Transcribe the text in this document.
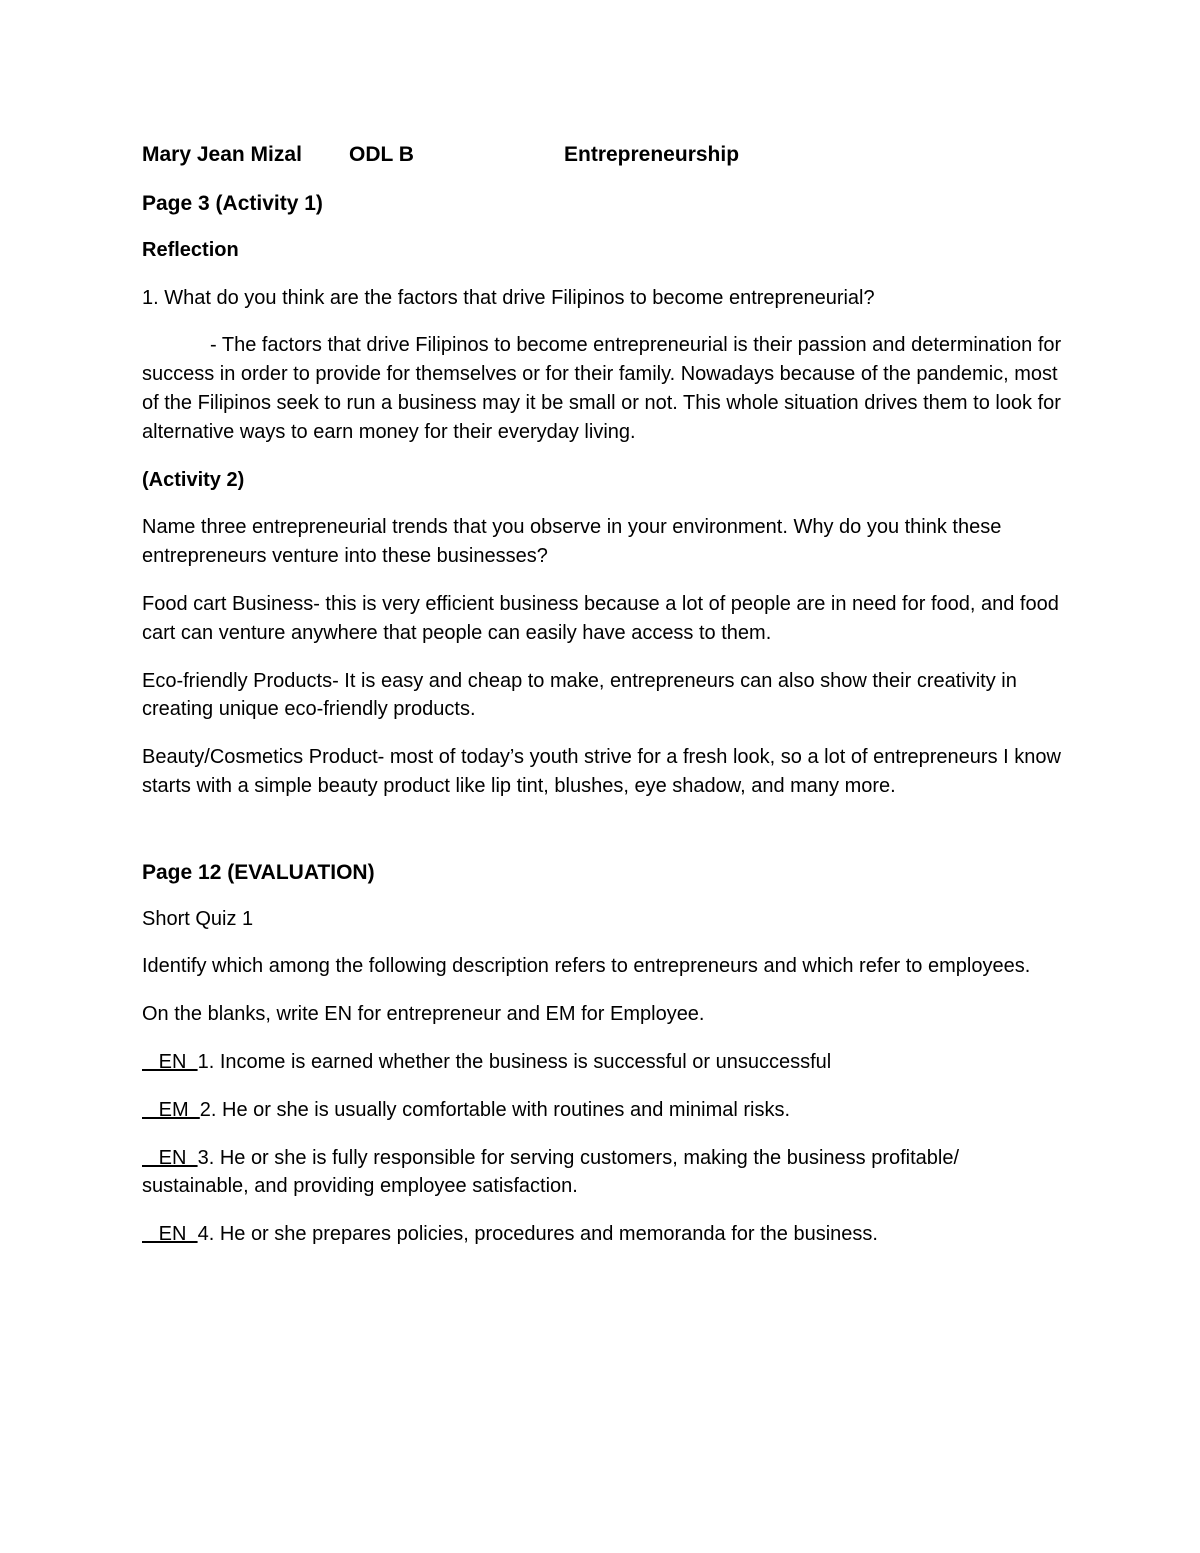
Mary Jean Mizal ODL B	Entrepreneurship
Page 3 (Activity 1)
Reflection

1. What do you think are the factors that drive Filipinos to become entrepreneurial?

- The factors that drive Filipinos to become entrepreneurial is their passion and determination for success in order to provide for themselves or for their family. Nowadays because of the pandemic, most of the Filipinos seek to run a business may it be small or not. This whole situation drives them to look for alternative ways to earn money for their everyday living.

(Activity 2)

Name three entrepreneurial trends that you observe in your environment. Why do you think these entrepreneurs venture into these businesses?

Food cart Business- this is very efficient business because a lot of people are in need for food, and food cart can venture anywhere that people can easily have access to them.

Eco-friendly Products- It is easy and cheap to make, entrepreneurs can also show their creativity in creating unique eco-friendly products.

Beauty/Cosmetics Product- most of today’s youth strive for a fresh look, so a lot of entrepreneurs I know starts with a simple beauty product like lip tint, blushes, eye shadow, and many more.

Page 12 (EVALUATION)

Short Quiz 1

Identify which among the following description refers to entrepreneurs and which refer to employees.

On the blanks, write EN for entrepreneur and EM for Employee.

EN  1. Income is earned whether the business is successful or unsuccessful

EM  2. He or she is usually comfortable with routines and minimal risks.

EN  3. He or she is fully responsible for serving customers, making the business profitable/ sustainable, and providing employee satisfaction.

EN  4. He or she prepares policies, procedures and memoranda for the business.
